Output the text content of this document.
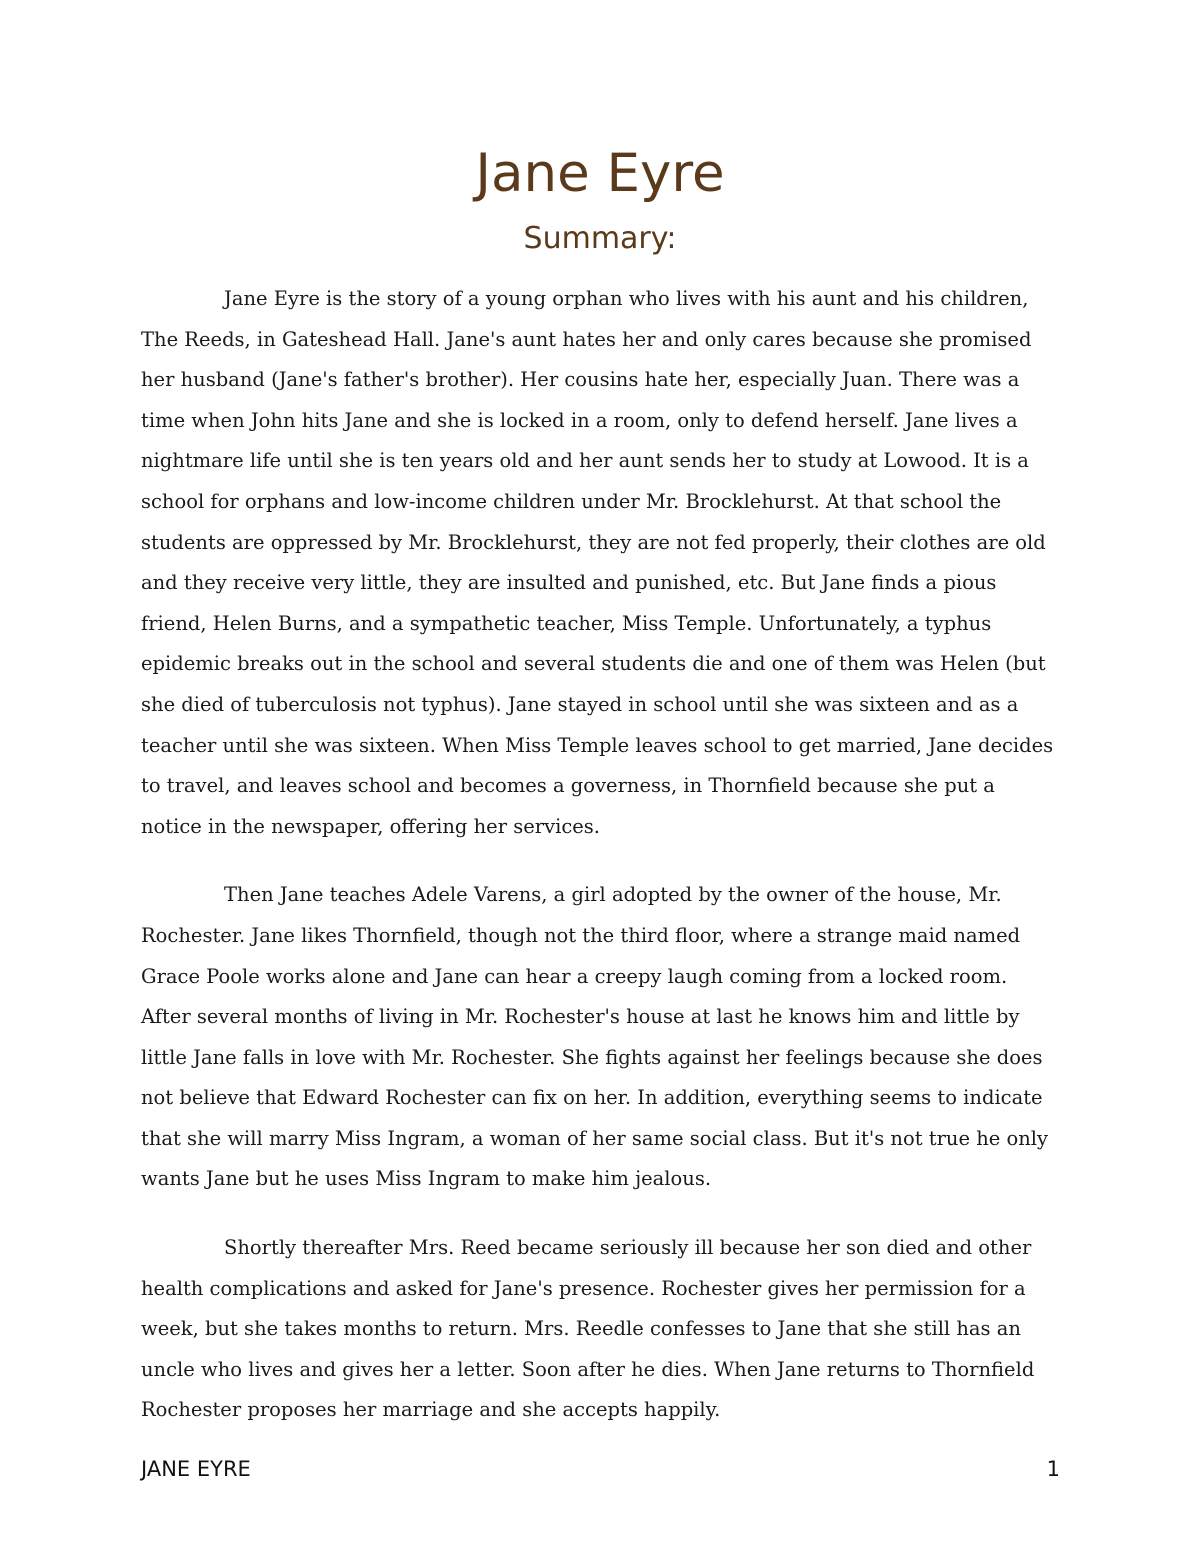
Jane Eyre
Summary:

Jane Eyre is the story of a young orphan who lives with his aunt and his children, The Reeds, in Gateshead Hall. Jane's aunt hates her and only cares because she promised her husband (Jane's father's brother). Her cousins hate her, especially Juan. There was a time when John hits Jane and she is locked in a room, only to defend herself. Jane lives a nightmare life until she is ten years old and her aunt sends her to study at Lowood. It is a school for orphans and low-income children under Mr. Brocklehurst. At that school the students are oppressed by Mr. Brocklehurst, they are not fed properly, their clothes are old and they receive very little, they are insulted and punished, etc. But Jane finds a pious friend, Helen Burns, and a sympathetic teacher, Miss Temple. Unfortunately, a typhus epidemic breaks out in the school and several students die and one of them was Helen (but she died of tuberculosis not typhus). Jane stayed in school until she was sixteen and as a teacher until she was sixteen. When Miss Temple leaves school to get married, Jane decides to travel, and leaves school and becomes a governess, in Thornfield because she put a notice in the newspaper, offering her services.

Then Jane teaches Adele Varens, a girl adopted by the owner of the house, Mr. Rochester. Jane likes Thornfield, though not the third floor, where a strange maid named Grace Poole works alone and Jane can hear a creepy laugh coming from a locked room. After several months of living in Mr. Rochester's house at last he knows him and little by little Jane falls in love with Mr. Rochester. She fights against her feelings because she does not believe that Edward Rochester can fix on her. In addition, everything seems to indicate that she will marry Miss Ingram, a woman of her same social class. But it's not true he only wants Jane but he uses Miss Ingram to make him jealous.

Shortly thereafter Mrs. Reed became seriously ill because her son died and other health complications and asked for Jane's presence. Rochester gives her permission for a week, but she takes months to return. Mrs. Reedle confesses to Jane that she still has an uncle who lives and gives her a letter. Soon after he dies. When Jane returns to Thornfield Rochester proposes her marriage and she accepts happily.

JANE EYRE	1
